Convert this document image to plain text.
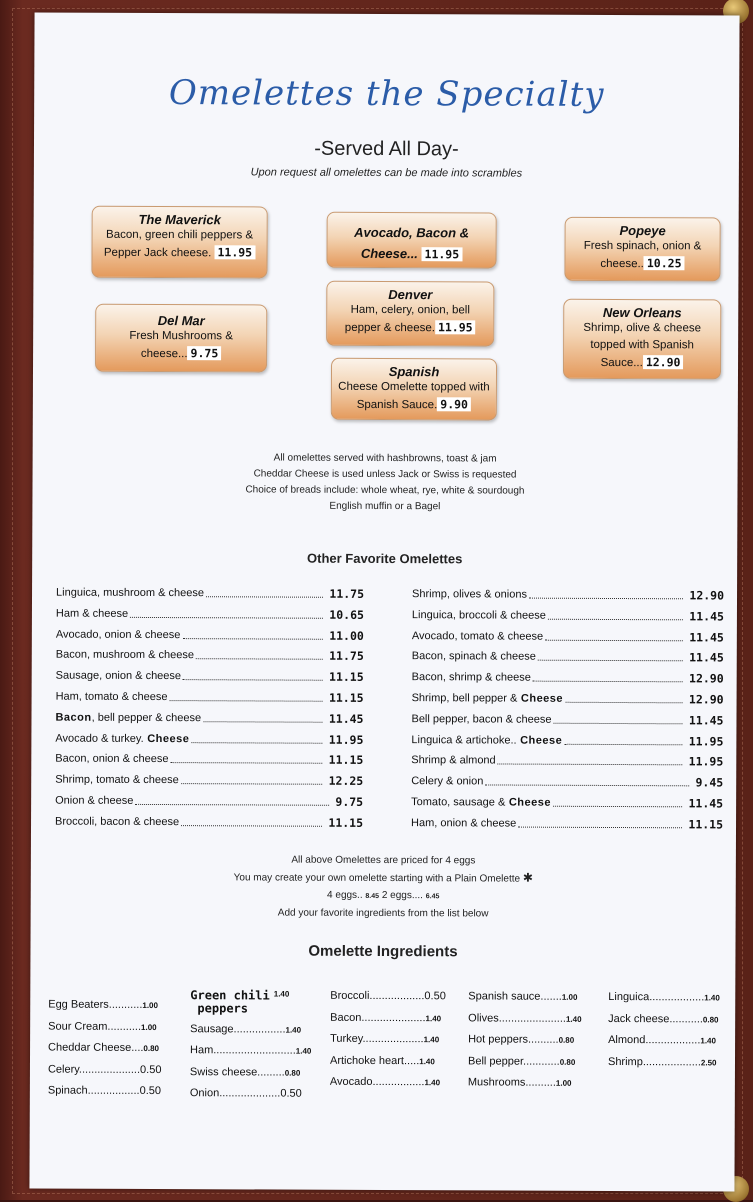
Omelettes the Specialty
-Served All Day-
Upon request all omelettes can be made into scrambles
The Maverick
Bacon, green chili peppers & Pepper Jack cheese. 11.95
Avocado, Bacon &
Cheese... 11.95
Popeye
Fresh spinach, onion & cheese.. 10.25
Del Mar
Fresh Mushrooms & cheese... 9.75
Denver
Ham, celery, onion, bell pepper & cheese. 11.95
New Orleans
Shrimp, olive & cheese topped with Spanish Sauce... 12.90
Spanish
Cheese Omelette topped with Spanish Sauce. 9.90
All omelettes served with hashbrowns, toast & jam
Cheddar Cheese is used unless Jack or Swiss is requested
Choice of breads include: whole wheat, rye, white & sourdough
English muffin or a Bagel
Other Favorite Omelettes
Linguica, mushroom & cheese	11.75
Ham & cheese	10.65
Avocado, onion & cheese	11.00
Bacon, mushroom & cheese	11.75
Sausage, onion & cheese	11.15
Ham, tomato & cheese	11.15
Bacon, bell pepper & cheese	11.45
Avocado & turkey. Cheese	11.95
Bacon, onion & cheese	11.15
Shrimp, tomato & cheese	12.25
Onion & cheese	9.75
Broccoli, bacon & cheese	11.15
Shrimp, olives & onions	12.90
Linguica, broccoli & cheese	11.45
Avocado, tomato & cheese	11.45
Bacon, spinach & cheese	11.45
Bacon, shrimp & cheese	12.90
Shrimp, bell pepper & Cheese	12.90
Bell pepper, bacon & cheese	11.45
Linguica & artichoke.. Cheese	11.95
Shrimp & almond	11.95
Celery & onion	9.45
Tomato, sausage & Cheese	11.45
Ham, onion & cheese	11.15
All above Omelettes are priced for 4 eggs
You may create your own omelette starting with a Plain Omelette ✱
4 eggs.. 8.45 2 eggs.... 6.45
Add your favorite ingredients from the list below
Omelette Ingredients
Egg Beaters...........1.00
Sour Cream...........1.00
Cheddar Cheese....0.80
Celery....................0.50
Spinach.................0.50
Green chili
peppers$^{1.40}$
Sausage.................1.40
Ham...........................1.40
Swiss cheese.........0.80
Onion....................0.50
Broccoli..................0.50
Bacon.....................1.40
Turkey....................1.40
Artichoke heart.....1.40
Avocado.................1.40
Spanish sauce.......1.00
Olives......................1.40
Hot peppers..........0.80
Bell pepper............0.80
Mushrooms..........1.00
Linguica..................1.40
Jack cheese...........0.80
Almond..................1.40
Shrimp...................2.50
